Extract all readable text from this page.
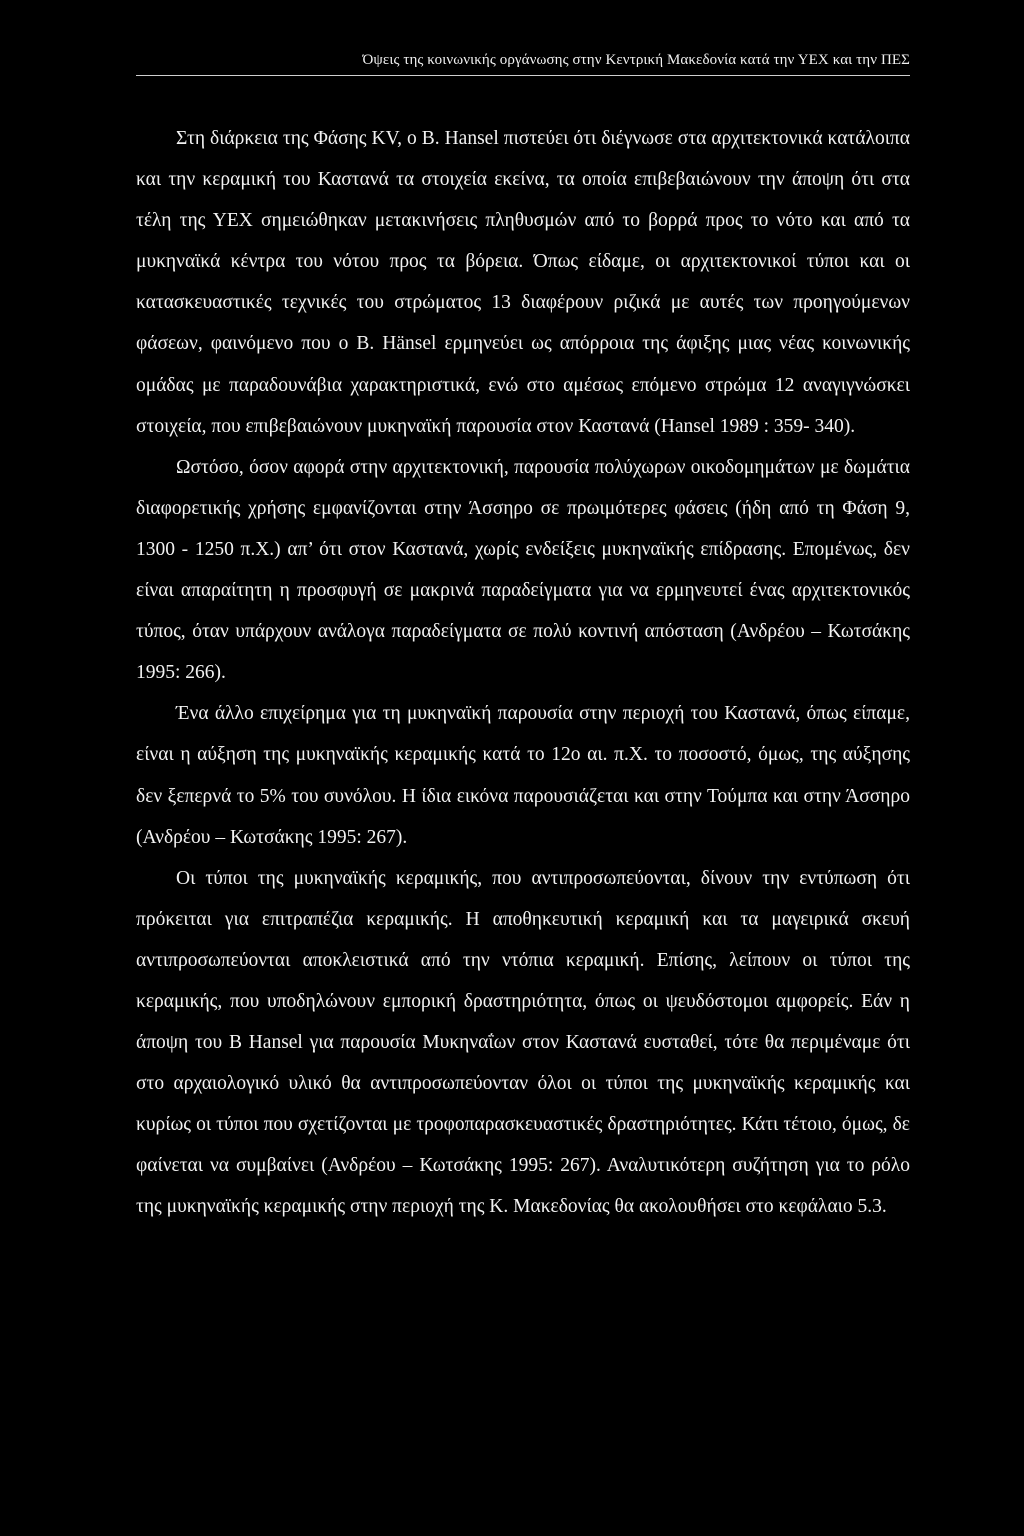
Όψεις της κοινωνικής οργάνωσης στην Κεντρική Μακεδονία κατά την ΥΕΧ και την ΠΕΣ

Στη διάρκεια της Φάσης KV, ο Β. Hansel πιστεύει ότι διέγνωσε στα αρχιτεκτονικά κατάλοιπα και την κεραμική του Καστανά τα στοιχεία εκείνα, τα οποία επιβεβαιώνουν την άποψη ότι στα τέλη της ΥΕΧ σημειώθηκαν μετακινήσεις πληθυσμών από το βορρά προς το νότο και από τα μυκηναϊκά κέντρα του νότου προς τα βόρεια. Όπως είδαμε, οι αρχιτεκτονικοί τύποι και οι κατασκευαστικές τεχνικές του στρώματος 13 διαφέρουν ριζικά με αυτές των προηγούμενων φάσεων, φαινόμενο που ο Β. Hänsel ερμηνεύει ως απόρροια της άφιξης μιας νέας κοινωνικής ομάδας με παραδουνάβια χαρακτηριστικά, ενώ στο αμέσως επόμενο στρώμα 12 αναγιγνώσκει στοιχεία, που επιβεβαιώνουν μυκηναϊκή παρουσία στον Καστανά (Hansel 1989 : 359- 340).

Ωστόσο, όσον αφορά στην αρχιτεκτονική, παρουσία πολύχωρων οικοδομημάτων με δωμάτια διαφορετικής χρήσης εμφανίζονται στην Άσσηρο σε πρωιμότερες φάσεις (ήδη από τη Φάση 9, 1300 - 1250 π.Χ.) απ’ ότι στον Καστανά, χωρίς ενδείξεις μυκηναϊκής επίδρασης. Επομένως, δεν είναι απαραίτητη η προσφυγή σε μακρινά παραδείγματα για να ερμηνευτεί ένας αρχιτεκτονικός τύπος, όταν υπάρχουν ανάλογα παραδείγματα σε πολύ κοντινή απόσταση (Ανδρέου – Κωτσάκης 1995: 266).

Ένα άλλο επιχείρημα για τη μυκηναϊκή παρουσία στην περιοχή του Καστανά, όπως είπαμε, είναι η αύξηση της μυκηναϊκής κεραμικής κατά το 12ο αι. π.Χ. το ποσοστό, όμως, της αύξησης δεν ξεπερνά το 5% του συνόλου. Η ίδια εικόνα παρουσιάζεται και στην Τούμπα και στην Άσσηρο (Ανδρέου – Κωτσάκης 1995: 267).

Οι τύποι της μυκηναϊκής κεραμικής, που αντιπροσωπεύονται, δίνουν την εντύπωση ότι πρόκειται για επιτραπέζια κεραμικής. Η αποθηκευτική κεραμική και τα μαγειρικά σκευή αντιπροσωπεύονται αποκλειστικά από την ντόπια κεραμική. Επίσης, λείπουν οι τύποι της κεραμικής, που υποδηλώνουν εμπορική δραστηριότητα, όπως οι ψευδόστομοι αμφορείς. Εάν η άποψη του Β Hansel για παρουσία Μυκηναΐων στον Καστανά ευσταθεί, τότε θα περιμέναμε ότι στο αρχαιολογικό υλικό θα αντιπροσωπεύονταν όλοι οι τύποι της μυκηναϊκής κεραμικής και κυρίως οι τύποι που σχετίζονται με τροφοπαρασκευαστικές δραστηριότητες. Κάτι τέτοιο, όμως, δε φαίνεται να συμβαίνει (Ανδρέου – Κωτσάκης 1995: 267). Αναλυτικότερη συζήτηση για το ρόλο της μυκηναϊκής κεραμικής στην περιοχή της Κ. Μακεδονίας θα ακολουθήσει στο κεφάλαιο 5.3.
